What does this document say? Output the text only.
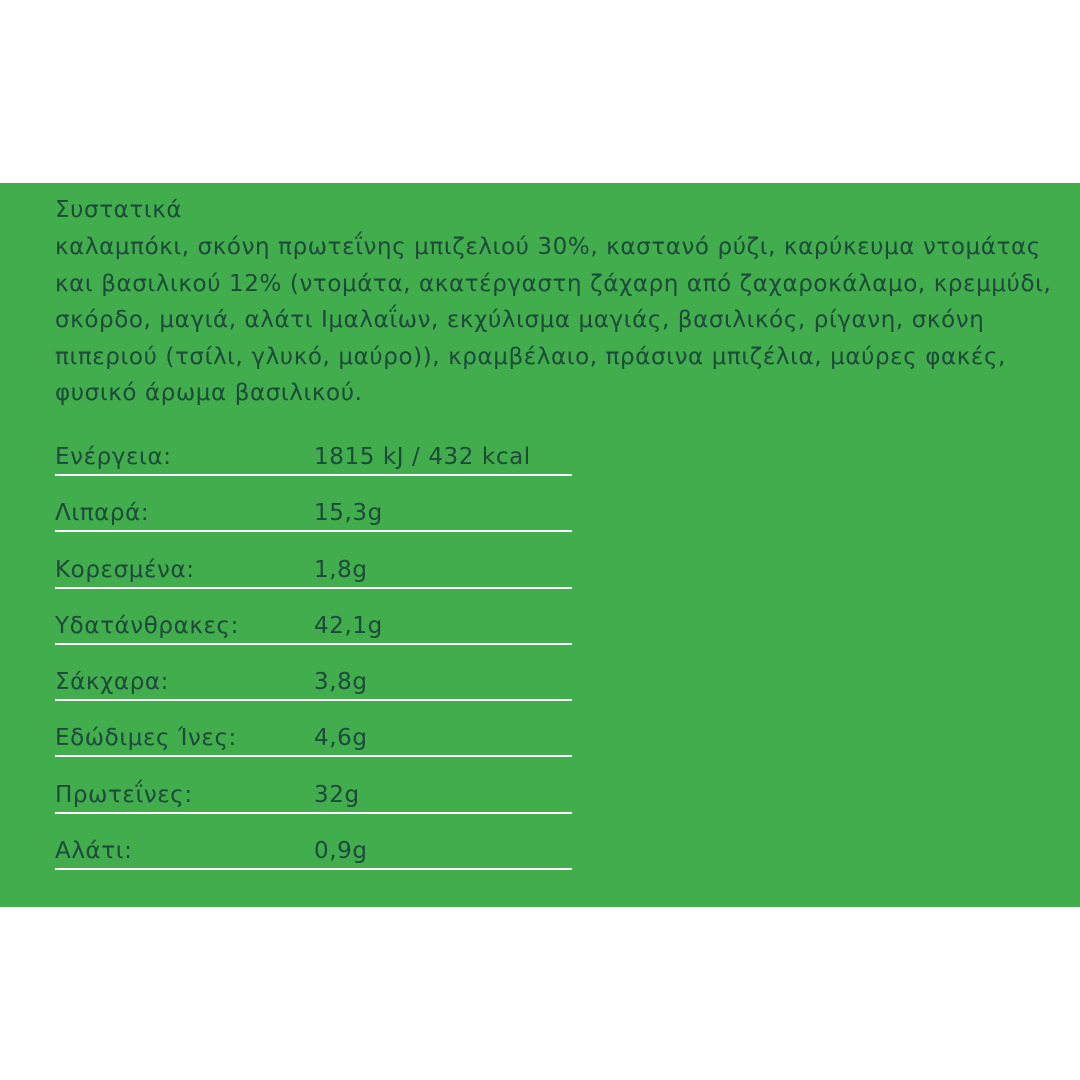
Συστατικά
καλαμπόκι, σκόνη πρωτεΐνης μπιζελιού 30%, καστανό ρύζι, καρύκευμα ντομάτας και βασιλικού 12% (ντομάτα, ακατέργαστη ζάχαρη από ζαχαροκάλαμο, κρεμμύδι, σκόρδο, μαγιά, αλάτι Ιμαλαΐων, εκχύλισμα μαγιάς, βασιλικός, ρίγανη, σκόνη πιπεριού (τσίλι, γλυκό, μαύρο)), κραμβέλαιο, πράσινα μπιζέλια, μαύρες φακές, φυσικό άρωμα βασιλικού.
Ενέργεια:	1815 kJ / 432 kcal
Λιπαρά:	15,3g
Κορεσμένα:	1,8g
Υδατάνθρακες:	42,1g
Σάκχαρα:	3,8g
Εδώδιμες Ίνες:	4,6g
Πρωτεΐνες:	32g
Αλάτι:	0,9g
